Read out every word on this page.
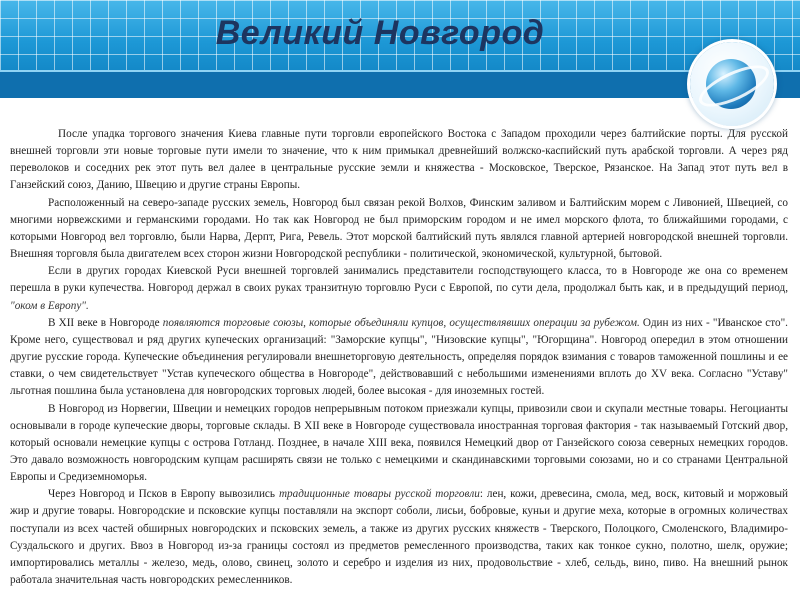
Великий Новгород

После упадка торгового значения Киева главные пути торговли европейского Востока с Западом проходили через балтийские порты. Для русской внешней торговли эти новые торговые пути имели то значение, что к ним примыкал древнейший волжско-каспийский путь арабской торговли. А через ряд переволоков и соседних рек этот путь вел далее в центральные русские земли и княжества - Московское, Тверское, Рязанское. На Запад этот путь вел в Ганзейский союз, Данию, Швецию и другие страны Европы.

Расположенный на северо-западе русских земель, Новгород был связан рекой Волхов, Финским заливом и Балтийским морем с Ливонией, Швецией, со многими норвежскими и германскими городами. Но так как Новгород не был приморским городом и не имел морского флота, то ближайшими городами, с которыми Новгород вел торговлю, были Нарва, Дерпт, Рига, Ревель. Этот морской балтийский путь являлся главной артерией новгородской внешней торговли. Внешняя торговля была двигателем всех сторон жизни Новгородской республики - политической, экономической, культурной, бытовой.

Если в других городах Киевской Руси внешней торговлей занимались представители господствующего класса, то в Новгороде же она со временем перешла в руки купечества. Новгород держал в своих руках транзитную торговлю Руси с Европой, по сути дела, продолжал быть как, и в предыдущий период, "оком в Европу".

В XII веке в Новгороде появляются торговые союзы, которые объединяли купцов, осуществлявших операции за рубежом. Один из них - "Иванское сто". Кроме него, существовал и ряд других купеческих организаций: "Заморские купцы", "Низовские купцы", "Югорщина". Новгород опередил в этом отношении другие русские города. Купеческие объединения регулировали внешнеторговую деятельность, определяя порядок взимания с товаров таможенной пошлины и ее ставки, о чем свидетельствует "Устав купеческого общества в Новгороде", действовавший с небольшими изменениями вплоть до XV века. Согласно "Уставу" льготная пошлина была установлена для новгородских торговых людей, более высокая - для иноземных гостей.

В Новгород из Норвегии, Швеции и немецких городов непрерывным потоком приезжали купцы, привозили свои и скупали местные товары. Негоцианты основывали в городе купеческие дворы, торговые склады. В XII веке в Новгороде существовала иностранная торговая фактория - так называемый Готский двор, который основали немецкие купцы с острова Готланд. Позднее, в начале XIII века, появился Немецкий двор от Ганзейского союза северных немецких городов. Это давало возможность новгородским купцам расширять связи не только с немецкими и скандинавскими торговыми союзами, но и со странами Центральной Европы и Средиземноморья.

Через Новгород и Псков в Европу вывозились традиционные товары русской торговли: лен, кожи, древесина, смола, мед, воск, китовый и моржовый жир и другие товары. Новгородские и псковские купцы поставляли на экспорт соболи, лисьи, бобровые, куньи и другие меха, которые в огромных количествах поступали из всех частей обширных новгородских и псковских земель, а также из других русских княжеств - Тверского, Полоцкого, Смоленского, Владимиро-Суздальского и других. Ввоз в Новгород из-за границы состоял из предметов ремесленного производства, таких как тонкое сукно, полотно, шелк, оружие; импортировались металлы - железо, медь, олово, свинец, золото и серебро и изделия из них, продовольствие - хлеб, сельдь, вино, пиво. На внешний рынок работала значительная часть новгородских ремесленников.
